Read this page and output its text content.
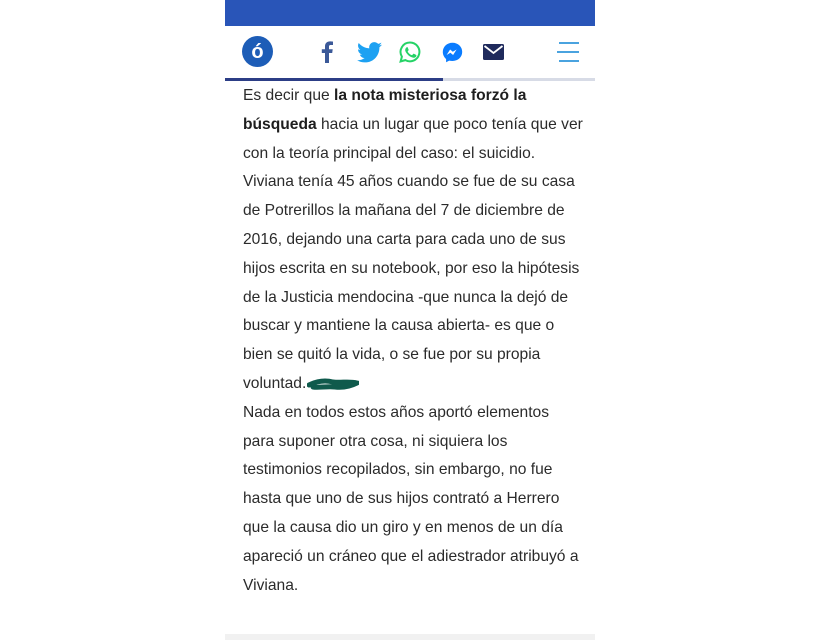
ó

Es decir que la nota misteriosa forzó la búsqueda hacia un lugar que poco tenía que ver con la teoría principal del caso: el suicidio. Viviana tenía 45 años cuando se fue de su casa de Potrerillos la mañana del 7 de diciembre de 2016, dejando una carta para cada uno de sus hijos escrita en su notebook, por eso la hipótesis de la Justicia mendocina -que nunca la dejó de buscar y mantiene la causa abierta- es que o bien se quitó la vida, o se fue por su propia voluntad.

Nada en todos estos años aportó elementos para suponer otra cosa, ni siquiera los testimonios recopilados, sin embargo, no fue hasta que uno de sus hijos contrató a Herrero que la causa dio un giro y en menos de un día apareció un cráneo que el adiestrador atribuyó a Viviana.
